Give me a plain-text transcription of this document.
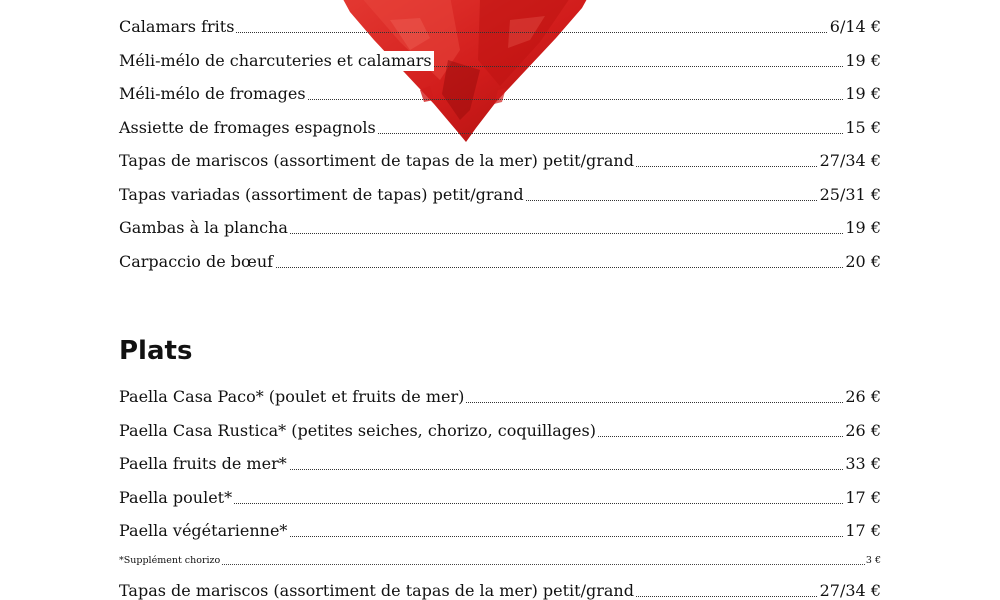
Calamars frits	6/14 €
Méli-mélo de charcuteries et calamars	19 €
Méli-mélo de fromages	19 €
Assiette de fromages espagnols	15 €
Tapas de mariscos (assortiment de tapas de la mer) petit/grand	27/34 €
Tapas variadas (assortiment de tapas) petit/grand	25/31 €
Gambas à la plancha	19 €
Carpaccio de bœuf	20 €
Plats
Paella Casa Paco* (poulet et fruits de mer)	26 €
Paella Casa Rustica* (petites seiches, chorizo, coquillages)	26 €
Paella fruits de mer*	33 €
Paella poulet*	17 €
Paella végétarienne*	17 €
*Supplément chorizo	3 €
Tapas de mariscos (assortiment de tapas de la mer) petit/grand	27/34 €
